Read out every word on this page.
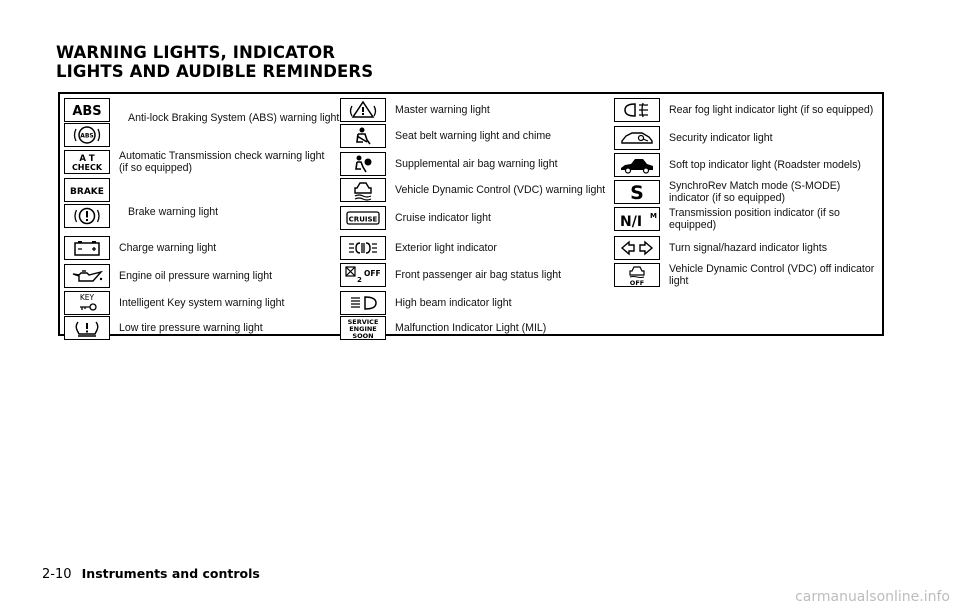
WARNING LIGHTS, INDICATOR
LIGHTS AND AUDIBLE REMINDERS
ABS Anti-lock Braking System (ABS) warning light
ABS
A T
CHECK
Automatic Transmission check warning light (if so equipped)
BRAKE
Brake warning light
Charge warning light
Engine oil pressure warning light
KEY Intelligent Key system warning light
Low tire pressure warning light
Master warning light
Seat belt warning light and chime
Supplemental air bag warning light
Vehicle Dynamic Control (VDC) warning light
CRUISE Cruise indicator light
Exterior light indicator
2
OFF Front passenger air bag status light
High beam indicator light
SERVICE
ENGINE
SOON
Malfunction Indicator Light (MIL)
Rear fog light indicator light (if so equipped)
Security indicator light
Soft top indicator light (Roadster models)
S SynchroRev Match mode (S-MODE) indicator (if so equipped)
N/I M Transmission position indicator (if so equipped)
Turn signal/hazard indicator lights
OFF
Vehicle Dynamic Control (VDC) off indicator light
2-10 Instruments and controls
carmanualsonline.info
